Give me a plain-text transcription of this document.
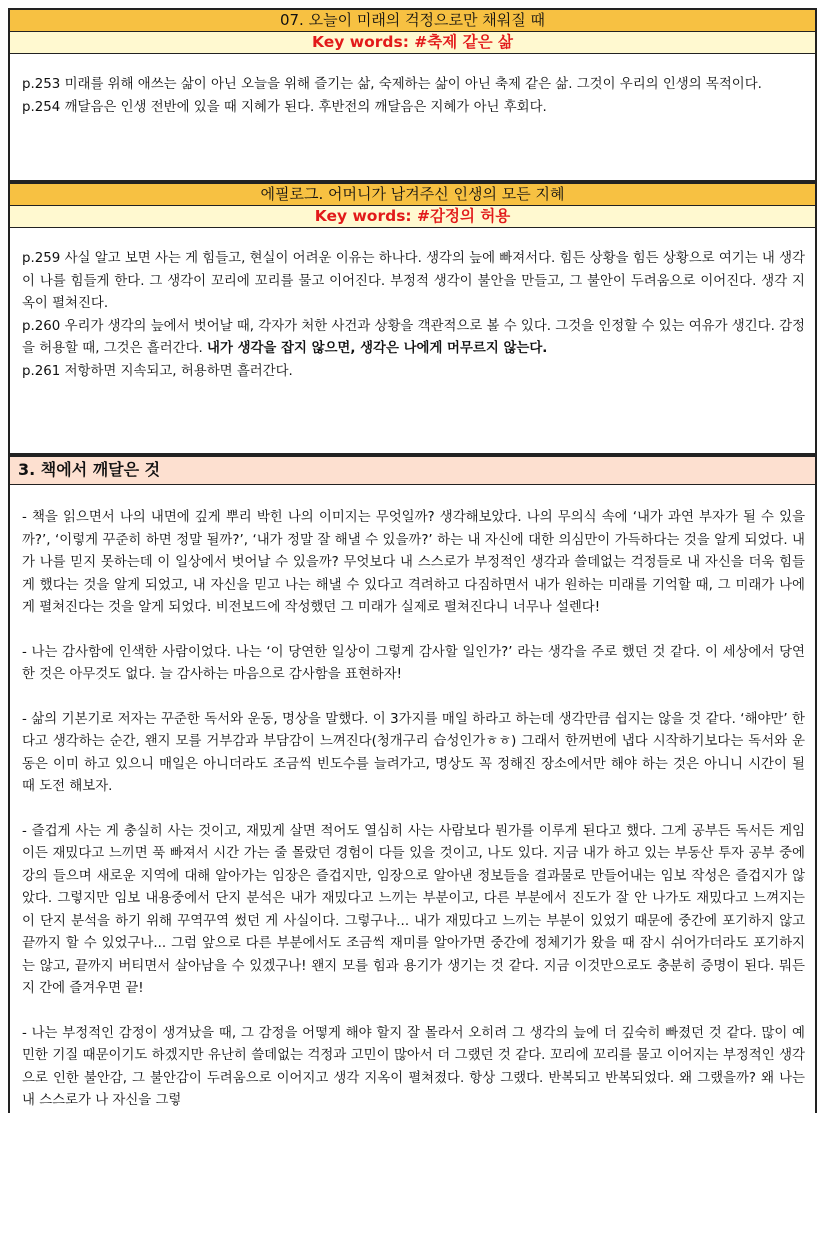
07. 오늘이 미래의 걱정으로만 채워질 때
Key words: #축제 같은 삶

p.253 미래를 위해 애쓰는 삶이 아닌 오늘을 위해 즐기는 삶, 숙제하는 삶이 아닌 축제 같은 삶. 그것이 우리의 인생의 목적이다.

p.254 깨달음은 인생 전반에 있을 때 지혜가 된다. 후반전의 깨달음은 지혜가 아닌 후회다.

에필로그. 어머니가 남겨주신 인생의 모든 지혜
Key words: #감정의 허용

p.259 사실 알고 보면 사는 게 힘들고, 현실이 어려운 이유는 하나다. 생각의 늪에 빠져서다. 힘든 상황을 힘든 상황으로 여기는 내 생각이 나를 힘들게 한다. 그 생각이 꼬리에 꼬리를 물고 이어진다. 부정적 생각이 불안을 만들고, 그 불안이 두려움으로 이어진다. 생각 지옥이 펼쳐진다.

p.260 우리가 생각의 늪에서 벗어날 때, 각자가 처한 사건과 상황을 객관적으로 볼 수 있다. 그것을 인정할 수 있는 여유가 생긴다. 감정을 허용할 때, 그것은 흘러간다. 내가 생각을 잡지 않으면, 생각은 나에게 머무르지 않는다.

p.261 저항하면 지속되고, 허용하면 흘러간다.

3. 책에서 깨달은 것

- 책을 읽으면서 나의 내면에 깊게 뿌리 박힌 나의 이미지는 무엇일까? 생각해보았다. 나의 무의식 속에 ‘내가 과연 부자가 될 수 있을까?’, ‘이렇게 꾸준히 하면 정말 될까?’, ‘내가 정말 잘 해낼 수 있을까?’ 하는 내 자신에 대한 의심만이 가득하다는 것을 알게 되었다. 내가 나를 믿지 못하는데 이 일상에서 벗어날 수 있을까? 무엇보다 내 스스로가 부정적인 생각과 쓸데없는 걱정들로 내 자신을 더욱 힘들게 했다는 것을 알게 되었고, 내 자신을 믿고 나는 해낼 수 있다고 격려하고 다짐하면서 내가 원하는 미래를 기억할 때, 그 미래가 나에게 펼쳐진다는 것을 알게 되었다. 비전보드에 작성했던 그 미래가 실제로 펼쳐진다니 너무나 설렌다!

- 나는 감사함에 인색한 사람이었다. 나는 ‘이 당연한 일상이 그렇게 감사할 일인가?’ 라는 생각을 주로 했던 것 같다. 이 세상에서 당연한 것은 아무것도 없다. 늘 감사하는 마음으로 감사함을 표현하자!

- 삶의 기본기로 저자는 꾸준한 독서와 운동, 명상을 말했다. 이 3가지를 매일 하라고 하는데 생각만큼 쉽지는 않을 것 같다. ‘해야만’ 한다고 생각하는 순간, 왠지 모를 거부감과 부담감이 느껴진다(청개구리 습성인가ㅎㅎ) 그래서 한꺼번에 냅다 시작하기보다는 독서와 운동은 이미 하고 있으니 매일은 아니더라도 조금씩 빈도수를 늘려가고, 명상도 꼭 정해진 장소에서만 해야 하는 것은 아니니 시간이 될 때 도전 해보자.

- 즐겁게 사는 게 충실히 사는 것이고, 재밌게 살면 적어도 열심히 사는 사람보다 뭔가를 이루게 된다고 했다. 그게 공부든 독서든 게임이든 재밌다고 느끼면 푹 빠져서 시간 가는 줄 몰랐던 경험이 다들 있을 것이고, 나도 있다. 지금 내가 하고 있는 부동산 투자 공부 중에 강의 들으며 새로운 지역에 대해 알아가는 임장은 즐겁지만, 임장으로 알아낸 정보들을 결과물로 만들어내는 임보 작성은 즐겁지가 않았다. 그렇지만 임보 내용중에서 단지 분석은 내가 재밌다고 느끼는 부분이고, 다른 부분에서 진도가 잘 안 나가도 재밌다고 느껴지는 이 단지 분석을 하기 위해 꾸역꾸역 썼던 게 사실이다. 그렇구나... 내가 재밌다고 느끼는 부분이 있었기 때문에 중간에 포기하지 않고 끝까지 할 수 있었구나... 그럼 앞으로 다른 부분에서도 조금씩 재미를 알아가면 중간에 정체기가 왔을 때 잠시 쉬어가더라도 포기하지는 않고, 끝까지 버티면서 살아남을 수 있겠구나! 왠지 모를 힘과 용기가 생기는 것 같다. 지금 이것만으로도 충분히 증명이 된다. 뭐든지 간에 즐겨우면 끝!

- 나는 부정적인 감정이 생겨났을 때, 그 감정을 어떻게 해야 할지 잘 몰라서 오히려 그 생각의 늪에 더 깊숙히 빠졌던 것 같다. 많이 예민한 기질 때문이기도 하겠지만 유난히 쓸데없는 걱정과 고민이 많아서 더 그랬던 것 같다. 꼬리에 꼬리를 물고 이어지는 부정적인 생각으로 인한 불안감, 그 불안감이 두려움으로 이어지고 생각 지옥이 펼쳐졌다. 항상 그랬다. 반복되고 반복되었다. 왜 그랬을까? 왜 나는 내 스스로가 나 자신을 그렇
